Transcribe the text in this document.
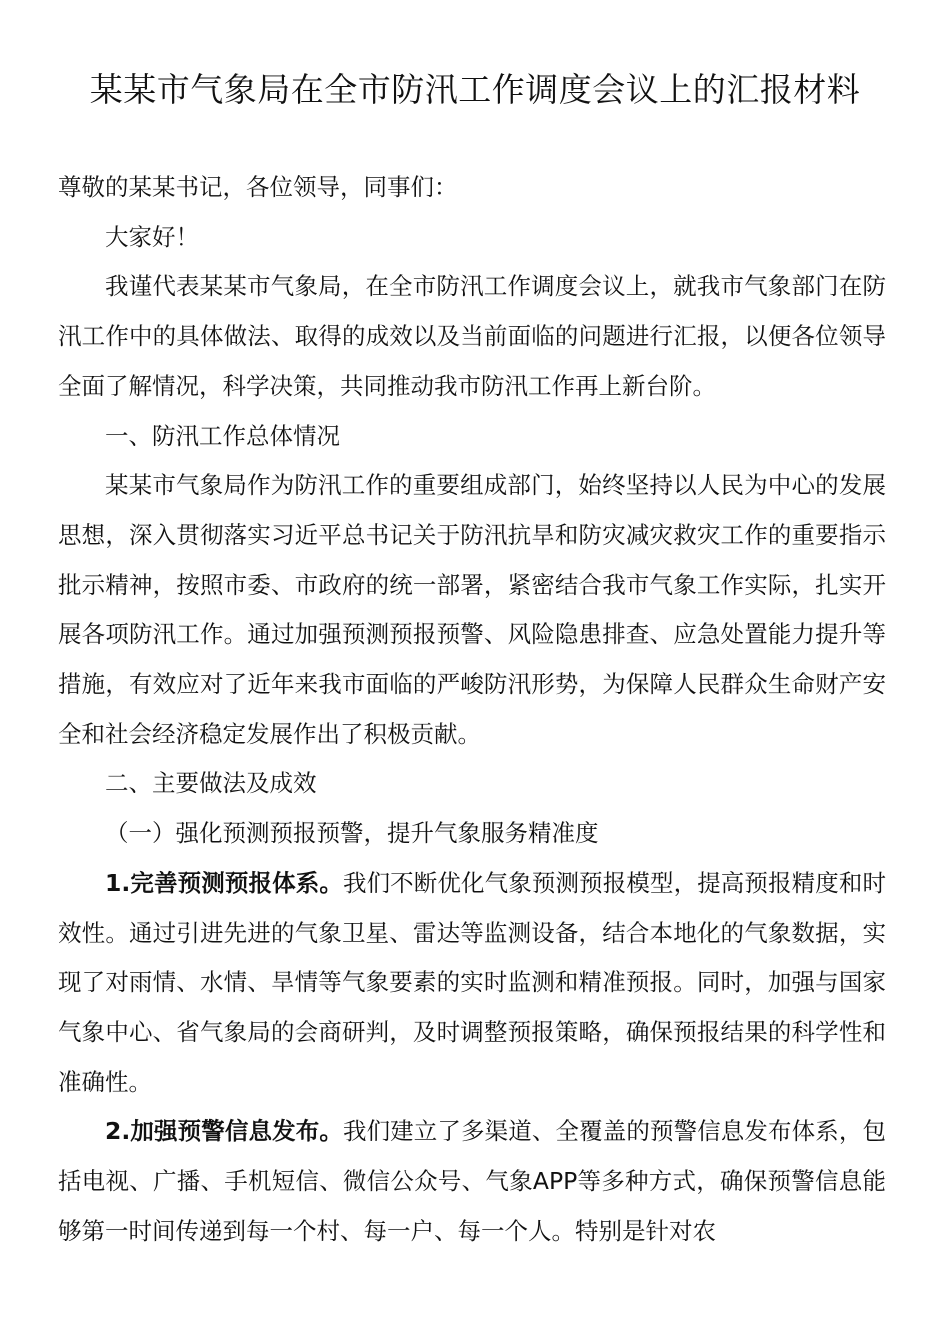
某某市气象局在全市防汛工作调度会议上的汇报材料

尊敬的某某书记，各位领导，同事们：

大家好！

我谨代表某某市气象局，在全市防汛工作调度会议上，就我市气象部门在防汛工作中的具体做法、取得的成效以及当前面临的问题进行汇报，以便各位领导全面了解情况，科学决策，共同推动我市防汛工作再上新台阶。

一、防汛工作总体情况

某某市气象局作为防汛工作的重要组成部门，始终坚持以人民为中心的发展思想，深入贯彻落实习近平总书记关于防汛抗旱和防灾减灾救灾工作的重要指示批示精神，按照市委、市政府的统一部署，紧密结合我市气象工作实际，扎实开展各项防汛工作。通过加强预测预报预警、风险隐患排查、应急处置能力提升等措施，有效应对了近年来我市面临的严峻防汛形势，为保障人民群众生命财产安全和社会经济稳定发展作出了积极贡献。

二、主要做法及成效

（一）强化预测预报预警，提升气象服务精准度

1.完善预测预报体系。我们不断优化气象预测预报模型，提高预报精度和时效性。通过引进先进的气象卫星、雷达等监测设备，结合本地化的气象数据，实现了对雨情、水情、旱情等气象要素的实时监测和精准预报。同时，加强与国家气象中心、省气象局的会商研判，及时调整预报策略，确保预报结果的科学性和准确性。

2.加强预警信息发布。我们建立了多渠道、全覆盖的预警信息发布体系，包括电视、广播、手机短信、微信公众号、气象APP等多种方式，确保预警信息能够第一时间传递到每一个村、每一户、每一个人。特别是针对农
